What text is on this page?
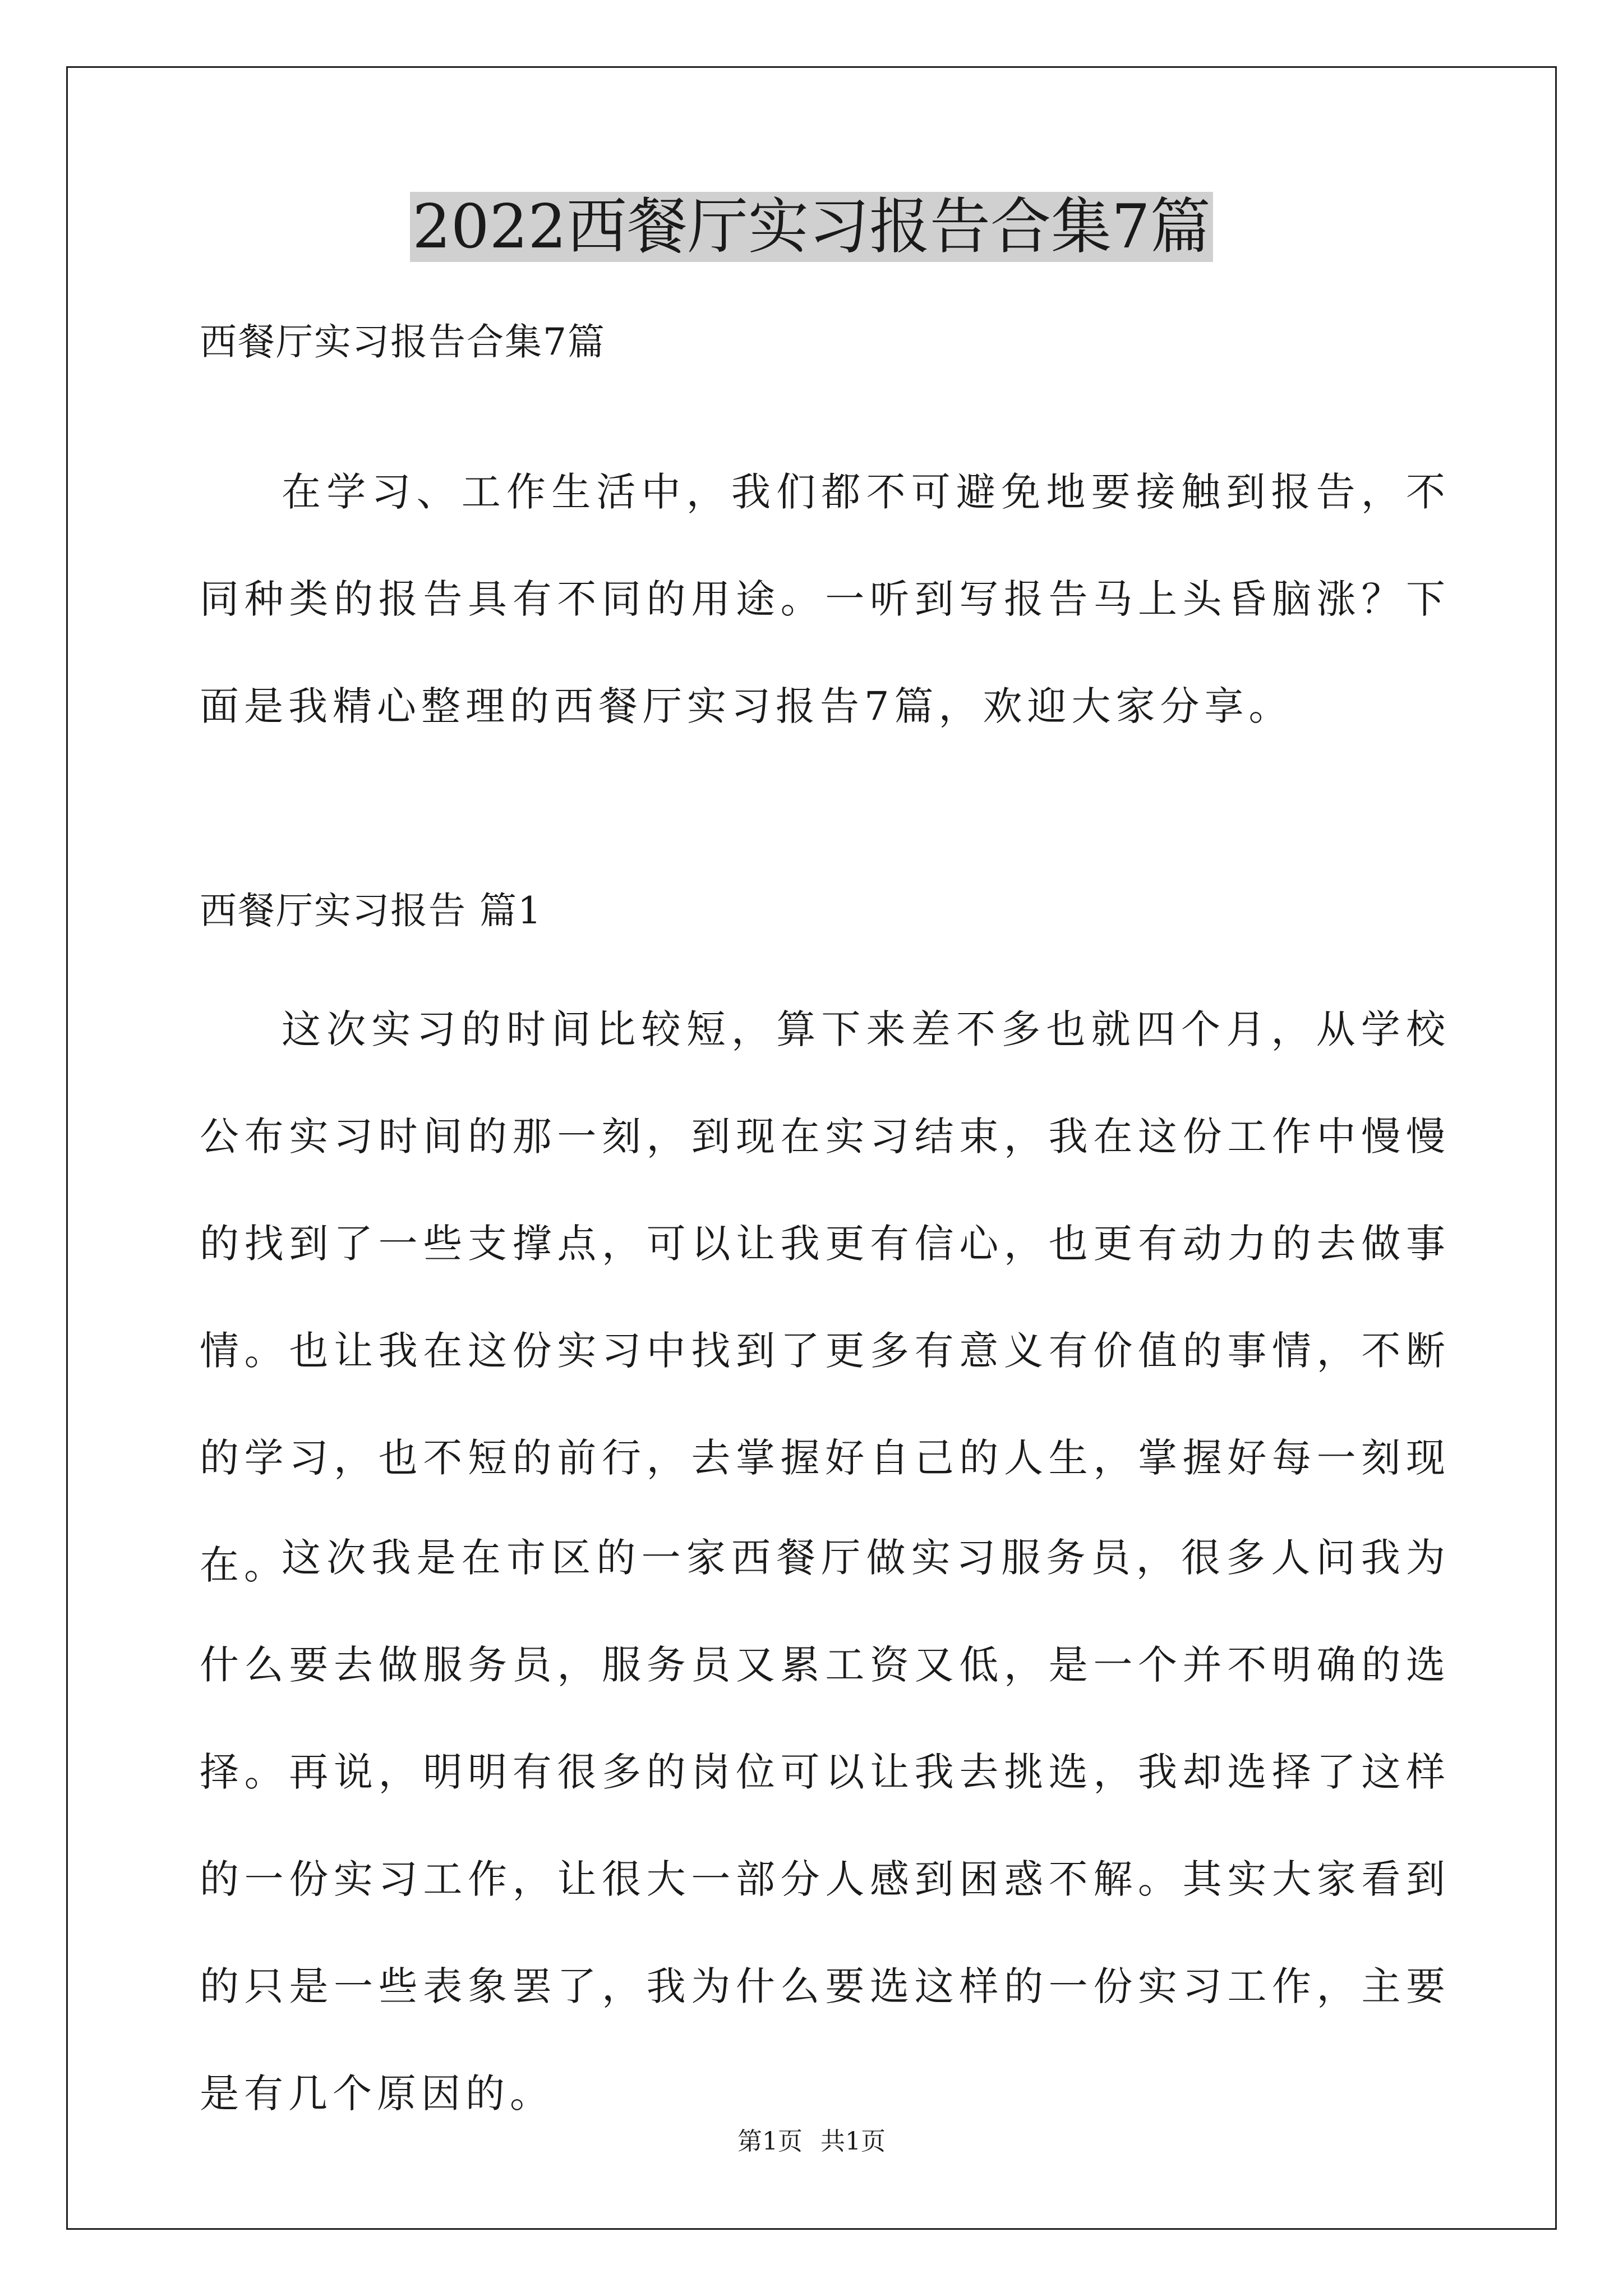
2022西餐厅实习报告合集7篇
西餐厅实习报告合集7篇

在学习、工作生活中，我们都不可避免地要接触到报告，不同种类的报告具有不同的用途。一听到写报告马上头昏脑涨？下面是我精心整理的西餐厅实习报告7篇，欢迎大家分享。

西餐厅实习报告 篇1

这次实习的时间比较短，算下来差不多也就四个月，从学校公布实习时间的那一刻，到现在实习结束，我在这份工作中慢慢的找到了一些支撑点，可以让我更有信心，也更有动力的去做事情。也让我在这份实习中找到了更多有意义有价值的事情，不断的学习，也不短的前行，去掌握好自己的人生，掌握好每一刻现在。

这次我是在市区的一家西餐厅做实习服务员，很多人问我为什么要去做服务员，服务员又累工资又低，是一个并不明确的选择。再说，明明有很多的岗位可以让我去挑选，我却选择了这样的一份实习工作，让很大一部分人感到困惑不解。其实大家看到的只是一些表象罢了，我为什么要选这样的一份实习工作，主要是有几个原因的。

第1页 共1页
